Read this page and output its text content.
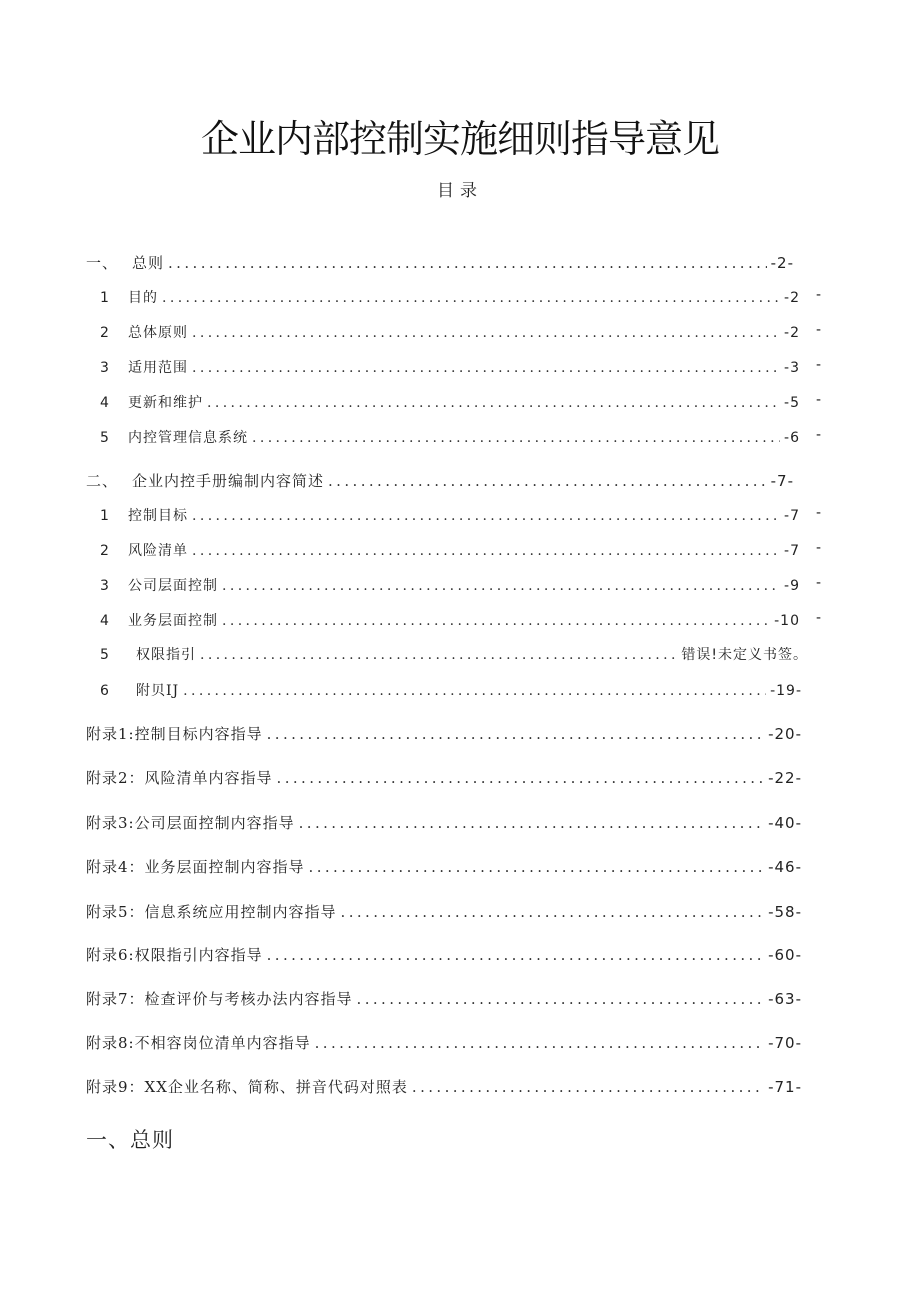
企业内部控制实施细则指导意见
目录
一、 总则 .....	-2-
1	目的 .....	-2 -
2	总体原则 .....	-2 -
3	适用范围 .....	-3 -
4	更新和维护 .....	-5 -
5	内控管理信息系统 .....	-6 -
二、 企业内控手册编制内容简述 .....	-7-
1	控制目标 .....	-7 -
2	风险清单 .....	-7 -
3	公司层面控制 .....	-9 -
4	业务层面控制 .....	-10 -
5	权限指引 .....	错误!未定义书签。
6	附贝IJ .....	-19-
附录1:控制目标内容指导 .....	-20-
附录2：风险清单内容指导 .....	-22-
附录3:公司层面控制内容指导 .....	-40-
附录4：业务层面控制内容指导 .....	-46-
附录5：信息系统应用控制内容指导 .....	-58-
附录6:权限指引内容指导 .....	-60-
附录7：检查评价与考核办法内容指导 .....	-63-
附录8:不相容岗位清单内容指导 .....	-70-
附录9：XX企业名称、简称、拼音代码对照表 .....	-71-
一、总则
